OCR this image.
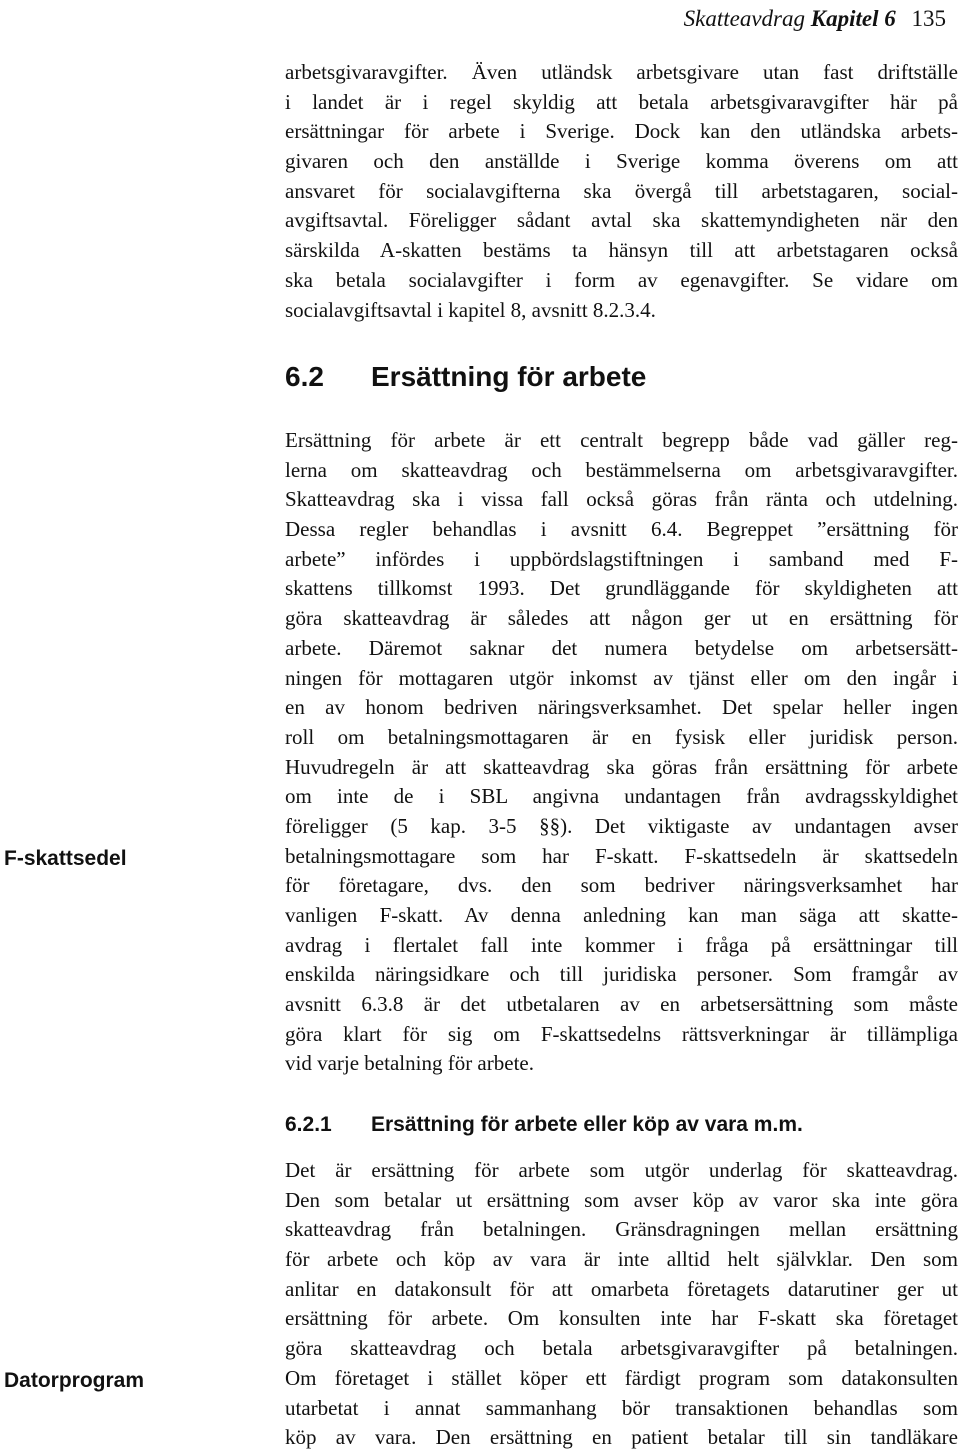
Skatteavdrag Kapitel 6 135
arbetsgivaravgifter. Även utländsk arbetsgivare utan fast driftställe
i landet är i regel skyldig att betala arbetsgivaravgifter här på
ersättningar för arbete i Sverige. Dock kan den utländska arbets-
givaren och den anställde i Sverige komma överens om att
ansvaret för socialavgifterna ska övergå till arbetstagaren, social-
avgiftsavtal. Föreligger sådant avtal ska skattemyndigheten när den
särskilda A-skatten bestäms ta hänsyn till att arbetstagaren också
ska betala socialavgifter i form av egenavgifter. Se vidare om
socialavgiftsavtal i kapitel 8, avsnitt 8.2.3.4.
6.2 Ersättning för arbete
Ersättning för arbete är ett centralt begrepp både vad gäller reg-
lerna om skatteavdrag och bestämmelserna om arbetsgivaravgifter.
Skatteavdrag ska i vissa fall också göras från ränta och utdelning.
Dessa regler behandlas i avsnitt 6.4. Begreppet ”ersättning för
arbete” infördes i uppbördslagstiftningen i samband med F-
skattens tillkomst 1993. Det grundläggande för skyldigheten att
göra skatteavdrag är således att någon ger ut en ersättning för
arbete. Däremot saknar det numera betydelse om arbetsersätt-
ningen för mottagaren utgör inkomst av tjänst eller om den ingår i
en av honom bedriven näringsverksamhet. Det spelar heller ingen
roll om betalningsmottagaren är en fysisk eller juridisk person.
Huvudregeln är att skatteavdrag ska göras från ersättning för arbete
om inte de i SBL angivna undantagen från avdragsskyldighet
föreligger (5 kap. 3-5 §§). Det viktigaste av undantagen avser
betalningsmottagare som har F-skatt. F-skattsedeln är skattsedeln
för företagare, dvs. den som bedriver näringsverksamhet har
vanligen F-skatt. Av denna anledning kan man säga att skatte-
avdrag i flertalet fall inte kommer i fråga på ersättningar till
enskilda näringsidkare och till juridiska personer. Som framgår av
avsnitt 6.3.8 är det utbetalaren av en arbetsersättning som måste
göra klart för sig om F-skattsedelns rättsverkningar är tillämpliga
vid varje betalning för arbete.
6.2.1 Ersättning för arbete eller köp av vara m.m.
Det är ersättning för arbete som utgör underlag för skatteavdrag.
Den som betalar ut ersättning som avser köp av varor ska inte göra
skatteavdrag från betalningen. Gränsdragningen mellan ersättning
för arbete och köp av vara är inte alltid helt självklar. Den som
anlitar en datakonsult för att omarbeta företagets datarutiner ger ut
ersättning för arbete. Om konsulten inte har F-skatt ska företaget
göra skatteavdrag och betala arbetsgivaravgifter på betalningen.
Om företaget i stället köper ett färdigt program som datakonsulten
utarbetat i annat sammanhang bör transaktionen behandlas som
köp av vara. Den ersättning en patient betalar till sin tandläkare
F-skattsedel
Datorprogram
